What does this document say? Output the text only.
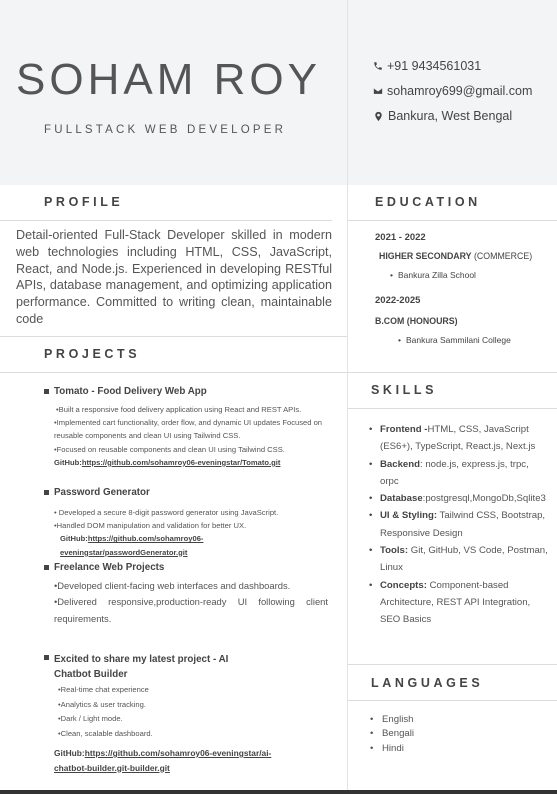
SOHAM ROY
FULLSTACK WEB DEVELOPER
+91 9434561031
sohamroy699@gmail.com
Bankura, West Bengal
PROFILE
Detail-oriented Full-Stack Developer skilled in modern web technologies including HTML, CSS, JavaScript, React, and Node.js. Experienced in developing RESTful APIs, database management, and optimizing application performance. Committed to writing clean, maintainable code
EDUCATION
2021 - 2022
HIGHER SECONDARY (COMMERCE)
• Bankura Zilla School
2022-2025
B.COM (HONOURS)
• Bankura Sammilani College
PROJECTS
Tomato - Food Delivery Web App
•Built a responsive food delivery application using React and REST APIs.
•Implemented cart functionality, order flow, and dynamic UI updates Focused on reusable components and clean UI using Tailwind CSS.
•Focused on reusable components and clean UI using Tailwind CSS.
GitHub:https://github.com/sohamroy06-eveningstar/Tomato.git
Password Generator
• Developed a secure 8-digit password generator using JavaScript.
•Handled DOM manipulation and validation for better UX.
GitHub:https://github.com/sohamroy06-
eveningstar/passwordGenerator.git
Freelance Web Projects
•Developed client-facing web interfaces and dashboards.
•Delivered responsive,production-ready UI following client requirements.
Excited to share my latest project - AI
Chatbot Builder
•Real-time chat experience
•Analytics & user tracking.
•Dark / Light mode.
•Clean, scalable dashboard.
GitHub:https://github.com/sohamroy06-eveningstar/ai-
chatbot-builder.git-builder.git
SKILLS
• Frontend -HTML, CSS, JavaScript (ES6+), TypeScript, React.js, Next.js
• Backend: node.js, express.js, trpc, orpc
• Database:postgresql,MongoDb,Sqlite3
• UI & Styling: Tailwind CSS, Bootstrap, Responsive Design
• Tools: Git, GitHub, VS Code, Postman, Linux
• Concepts: Component-based Architecture, REST API Integration, SEO Basics
LANGUAGES
• English
• Bengali
• Hindi
